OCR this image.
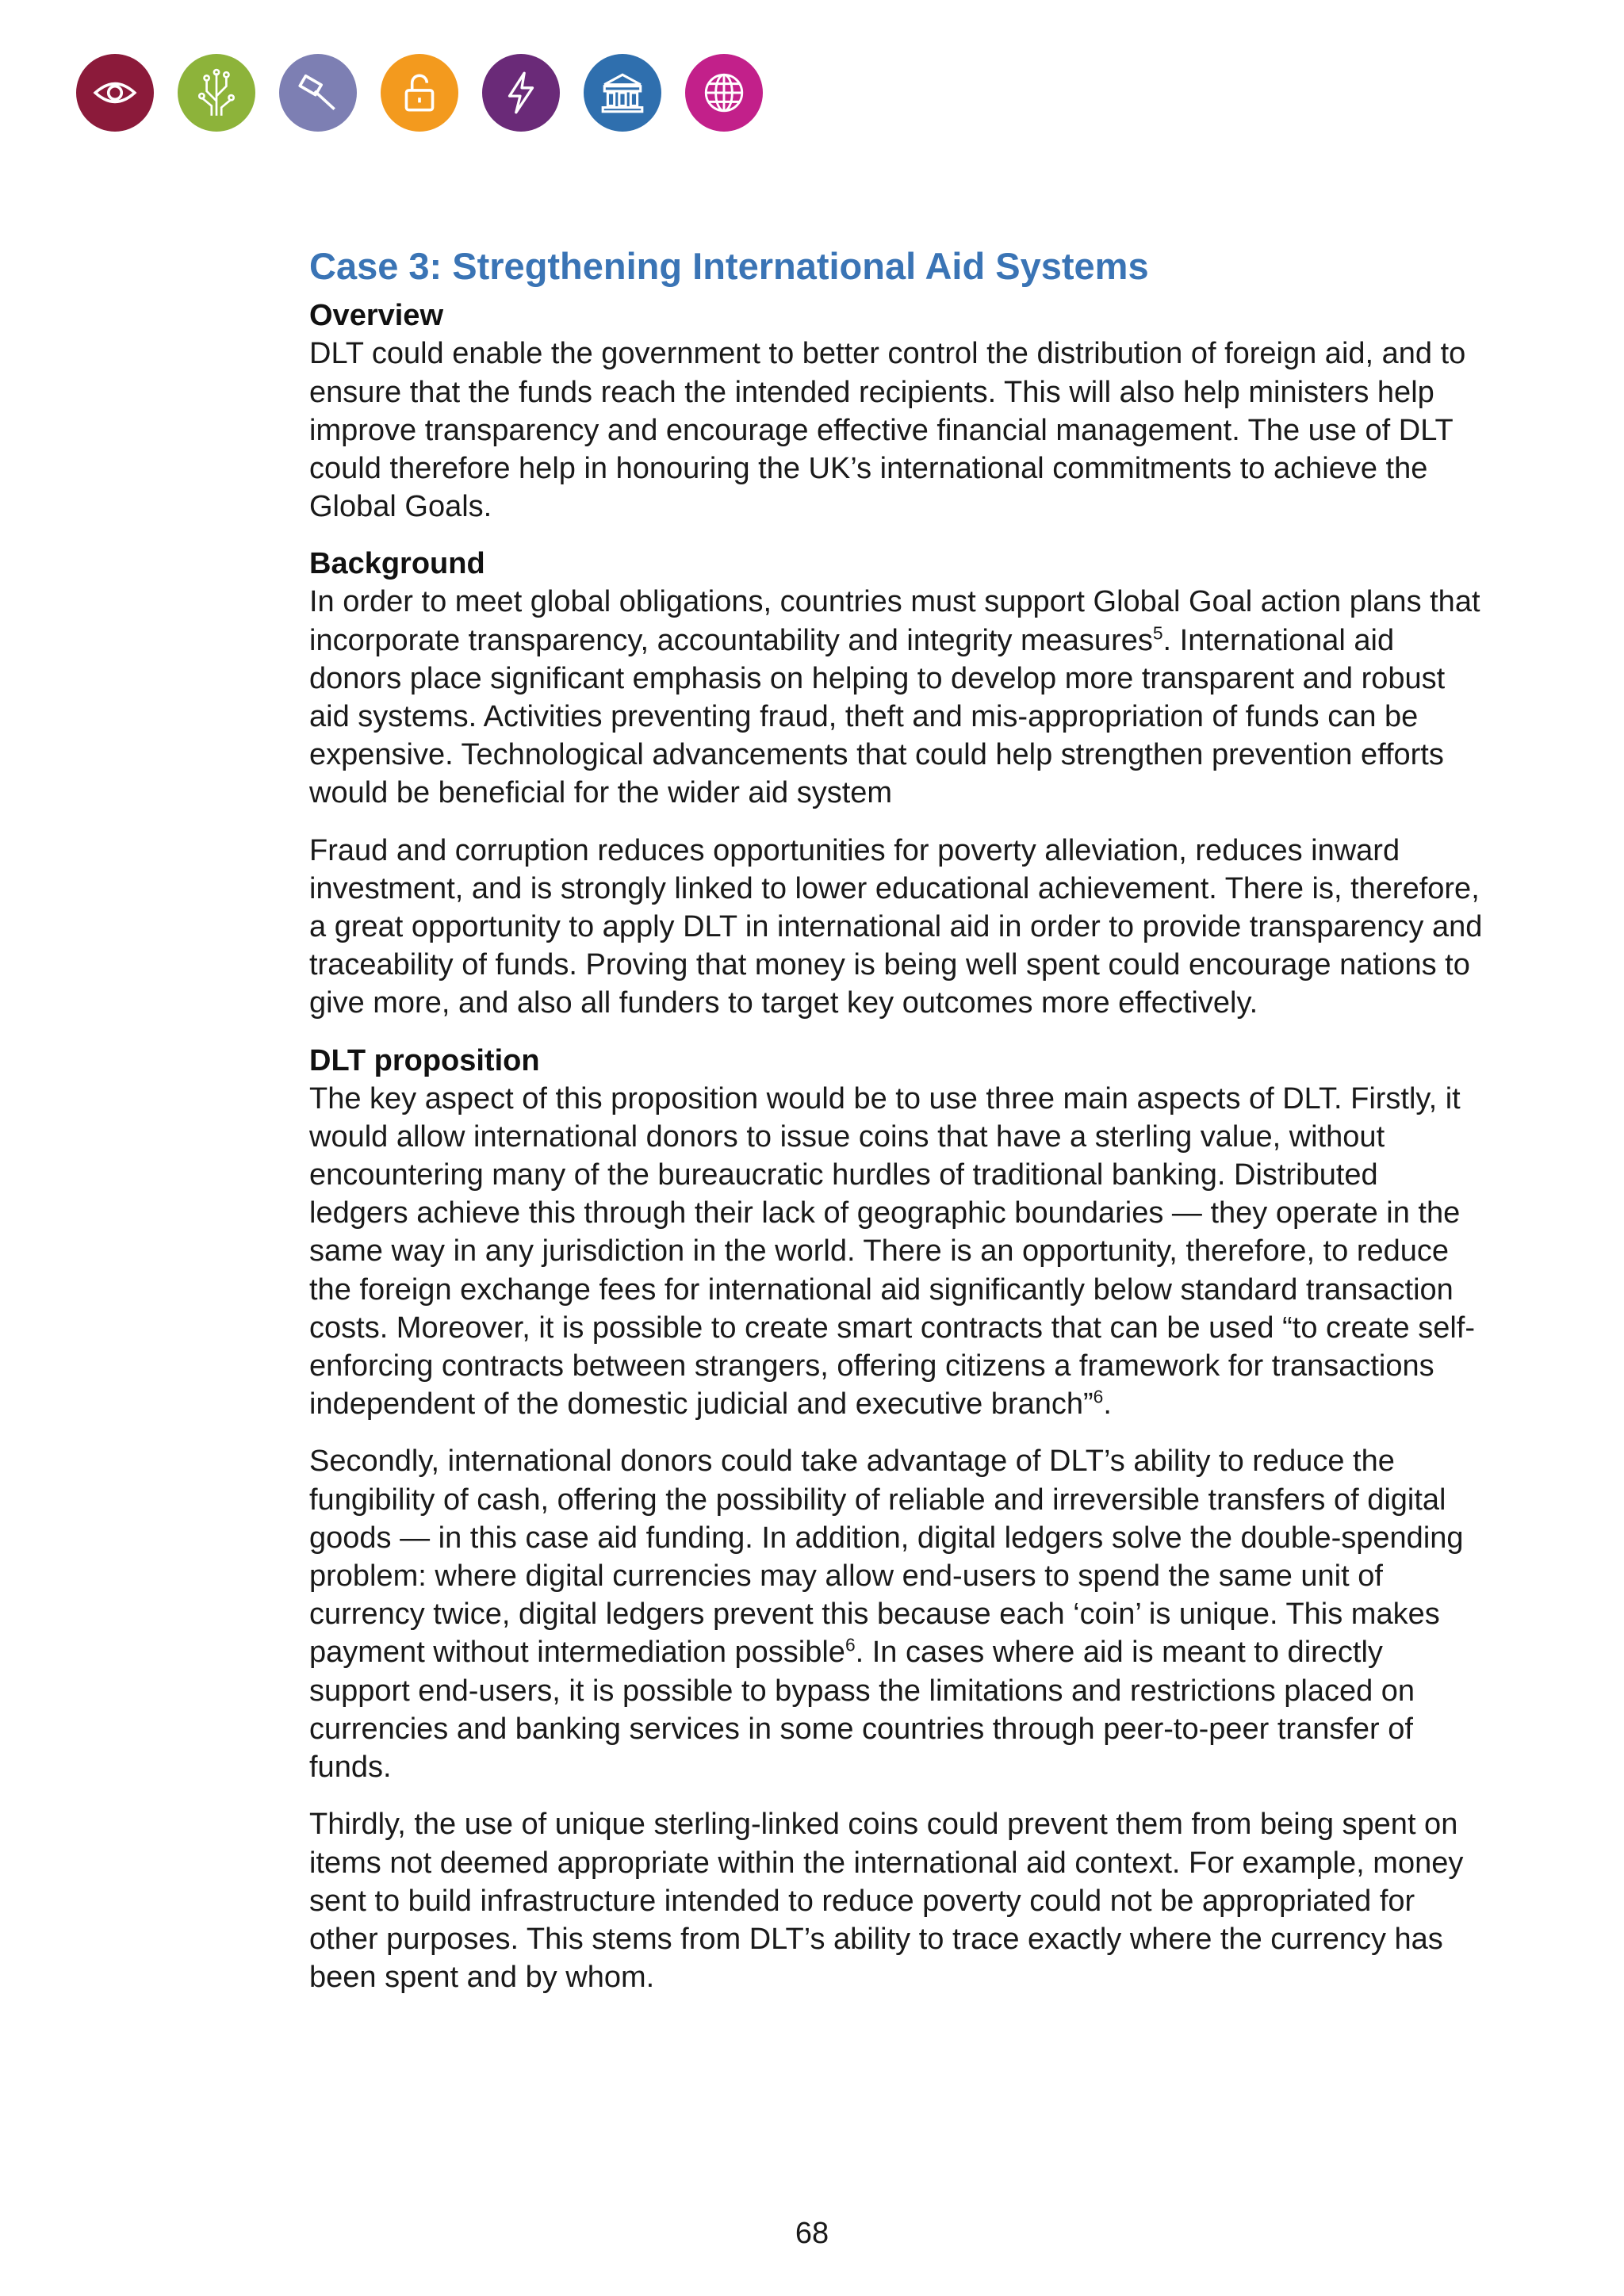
Case 3: Stregthening International Aid Systems
Overview

DLT could enable the government to better control the distribution of foreign aid, and to ensure that the funds reach the intended recipients. This will also help ministers help improve transparency and encourage effective financial management. The use of DLT could therefore help in honouring the UK’s international commitments to achieve the Global Goals.

Background

In order to meet global obligations, countries must support Global Goal action plans that incorporate transparency, accountability and integrity measures$^5$. International aid donors place significant emphasis on helping to develop more transparent and robust aid systems. Activities preventing fraud, theft and mis-appropriation of funds can be expensive. Technological advancements that could help strengthen prevention efforts would be beneficial for the wider aid system

Fraud and corruption reduces opportunities for poverty alleviation, reduces inward investment, and is strongly linked to lower educational achievement. There is, therefore, a great opportunity to apply DLT in international aid in order to provide transparency and traceability of funds. Proving that money is being well spent could encourage nations to give more, and also all funders to target key outcomes more effectively.

DLT proposition

The key aspect of this proposition would be to use three main aspects of DLT. Firstly, it would allow international donors to issue coins that have a sterling value, without encountering many of the bureaucratic hurdles of traditional banking. Distributed ledgers achieve this through their lack of geographic boundaries — they operate in the same way in any jurisdiction in the world. There is an opportunity, therefore, to reduce the foreign exchange fees for international aid significantly below standard transaction costs. Moreover, it is possible to create smart contracts that can be used “to create self-enforcing contracts between strangers, offering citizens a framework for transactions independent of the domestic judicial and executive branch”$^6$.

Secondly, international donors could take advantage of DLT’s ability to reduce the fungibility of cash, offering the possibility of reliable and irreversible transfers of digital goods — in this case aid funding. In addition, digital ledgers solve the double-spending problem: where digital currencies may allow end-users to spend the same unit of currency twice, digital ledgers prevent this because each ‘coin’ is unique. This makes payment without intermediation possible$^6$. In cases where aid is meant to directly support end-users, it is possible to bypass the limitations and restrictions placed on currencies and banking services in some countries through peer-to-peer transfer of funds.

Thirdly, the use of unique sterling-linked coins could prevent them from being spent on items not deemed appropriate within the international aid context. For example, money sent to build infrastructure intended to reduce poverty could not be appropriated for other purposes. This stems from DLT’s ability to trace exactly where the currency has been spent and by whom.

68
